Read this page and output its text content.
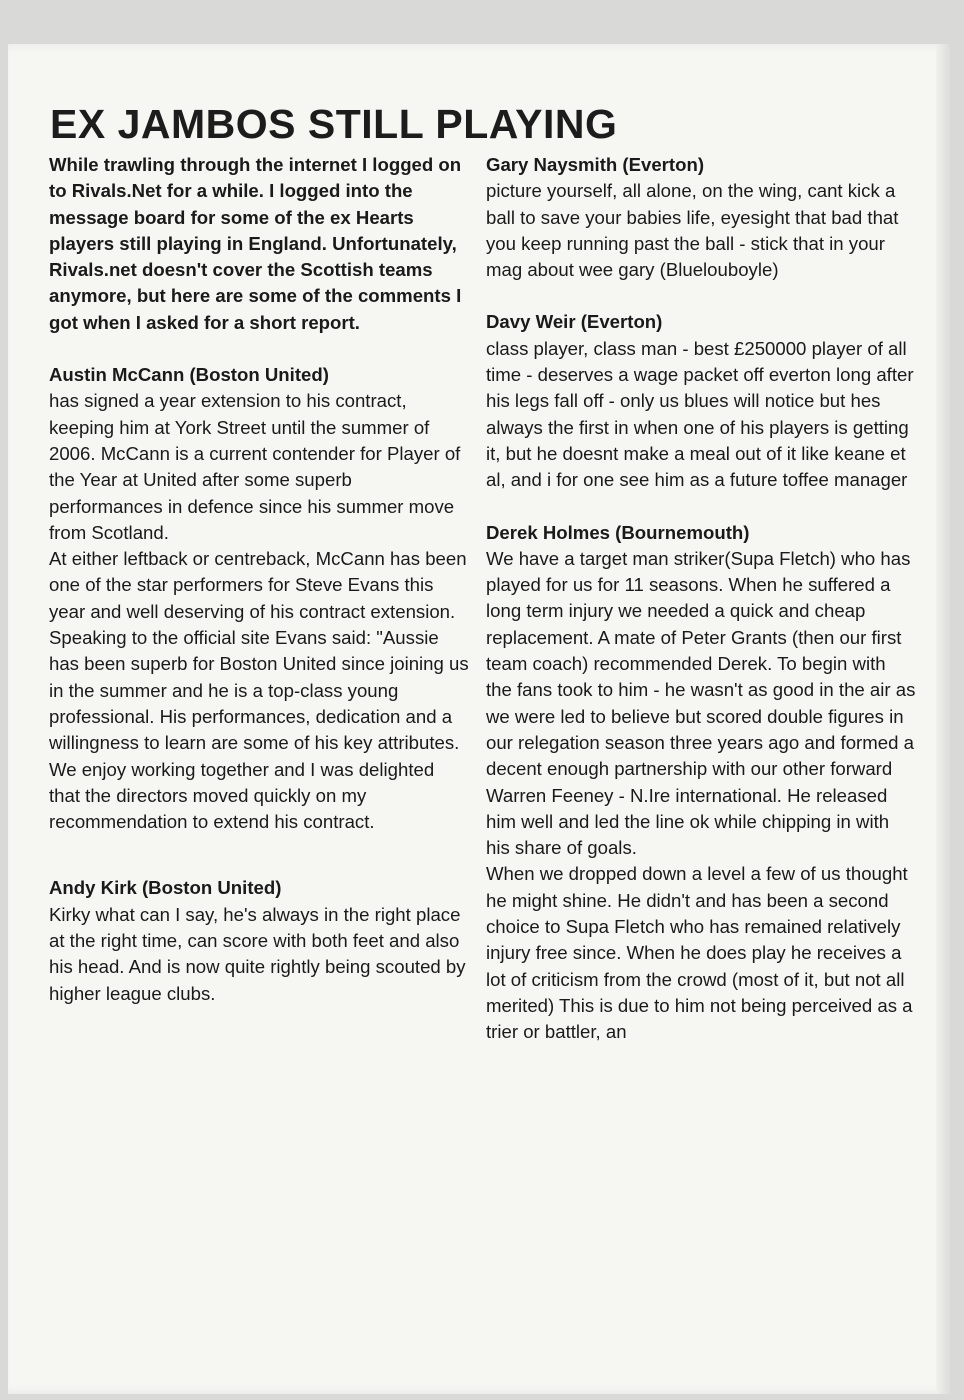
EX JAMBOS STILL PLAYING

While trawling through the internet I logged on to Rivals.Net for a while. I logged into the message board for some of the ex Hearts players still playing in England. Unfortunately, Rivals.net doesn't cover the Scottish teams anymore, but here are some of the comments I got when I asked for a short report.

Austin McCann (Boston United)

has signed a year extension to his contract, keeping him at York Street until the summer of 2006. McCann is a current contender for Player of the Year at United after some superb performances in defence since his summer move from Scotland.

At either leftback or centreback, McCann has been one of the star performers for Steve Evans this year and well deserving of his contract extension.

Speaking to the official site Evans said: "Aussie has been superb for Boston United since joining us in the summer and he is a top-class young professional. His performances, dedication and a willingness to learn are some of his key attributes. We enjoy working together and I was delighted that the directors moved quickly on my recommendation to extend his contract.

Andy Kirk (Boston United)

Kirky what can I say, he's always in the right place at the right time, can score with both feet and also his head. And is now quite rightly being scouted by higher league clubs.

Gary Naysmith (Everton)

picture yourself, all alone, on the wing, cant kick a ball to save your babies life, eyesight that bad that you keep running past the ball - stick that in your mag about wee gary (Bluelouboyle)

Davy Weir (Everton)

class player, class man - best £250000 player of all time - deserves a wage packet off everton long after his legs fall off - only us blues will notice but hes always the first in when one of his players is getting it, but he doesnt make a meal out of it like keane et al, and i for one see him as a future toffee manager

Derek Holmes (Bournemouth)

We have a target man striker(Supa Fletch) who has played for us for 11 seasons. When he suffered a long term injury we needed a quick and cheap replacement. A mate of Peter Grants (then our first team coach) recommended Derek. To begin with the fans took to him - he wasn't as good in the air as we were led to believe but scored double figures in our relegation season three years ago and formed a decent enough partnership with our other forward Warren Feeney - N.Ire international. He released him well and led the line ok while chipping in with his share of goals.

When we dropped down a level a few of us thought he might shine. He didn't and has been a second choice to Supa Fletch who has remained relatively injury free since. When he does play he receives a lot of criticism from the crowd (most of it, but not all merited) This is due to him not being perceived as a trier or battler, an
